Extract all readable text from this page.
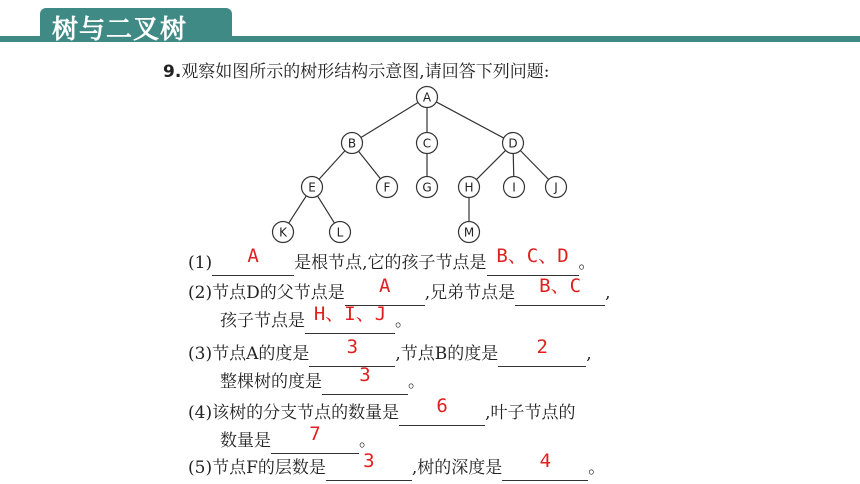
树与二叉树
9.观察如图所示的树形结构示意图,请回答下列问题:
A
B	C	D
E	F	G	H	I	J
K	L	M
(1) A 是根节点,它的孩子节点是 B、C、D 。
(2)节点D的父节点是 A ,兄弟节点是 B、C ,
孩子节点是 H、I、J 。
(3)节点A的度是 3 ,节点B的度是 2 ,
整棵树的度是 3 。
(4)该树的分支节点的数量是 6 ,叶子节点的
数量是 7 。
(5)节点F的层数是 3 ,树的深度是 4 。
